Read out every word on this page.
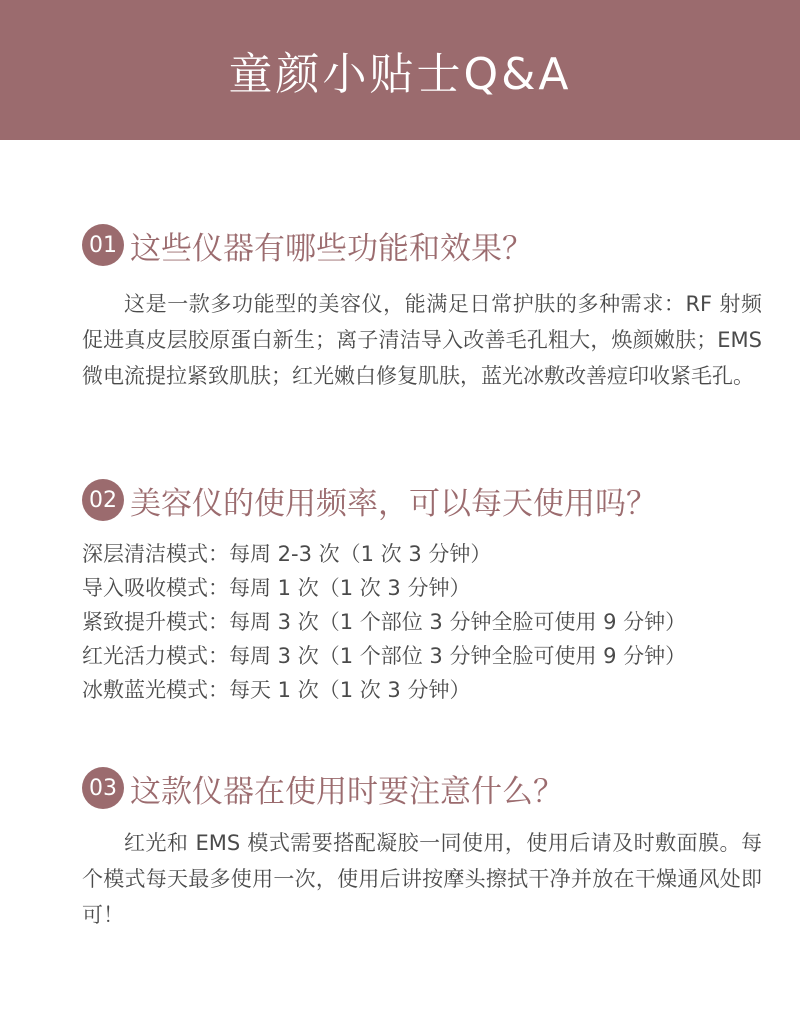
童颜小贴士Q&A
01 这些仪器有哪些功能和效果？

这是一款多功能型的美容仪，能满足日常护肤的多种需求：RF 射频促进真皮层胶原蛋白新生；离子清洁导入改善毛孔粗大，焕颜嫩肤；EMS 微电流提拉紧致肌肤；红光嫩白修复肌肤，蓝光冰敷改善痘印收紧毛孔。

02 美容仪的使用频率，可以每天使用吗？
深层清洁模式：每周 2-3 次（1 次 3 分钟）
导入吸收模式：每周 1 次（1 次 3 分钟）
紧致提升模式：每周 3 次（1 个部位 3 分钟全脸可使用 9 分钟）
红光活力模式：每周 3 次（1 个部位 3 分钟全脸可使用 9 分钟）
冰敷蓝光模式：每天 1 次（1 次 3 分钟）
03 这款仪器在使用时要注意什么？

红光和 EMS 模式需要搭配凝胶一同使用，使用后请及时敷面膜。每个模式每天最多使用一次，使用后讲按摩头擦拭干净并放在干燥通风处即可！
